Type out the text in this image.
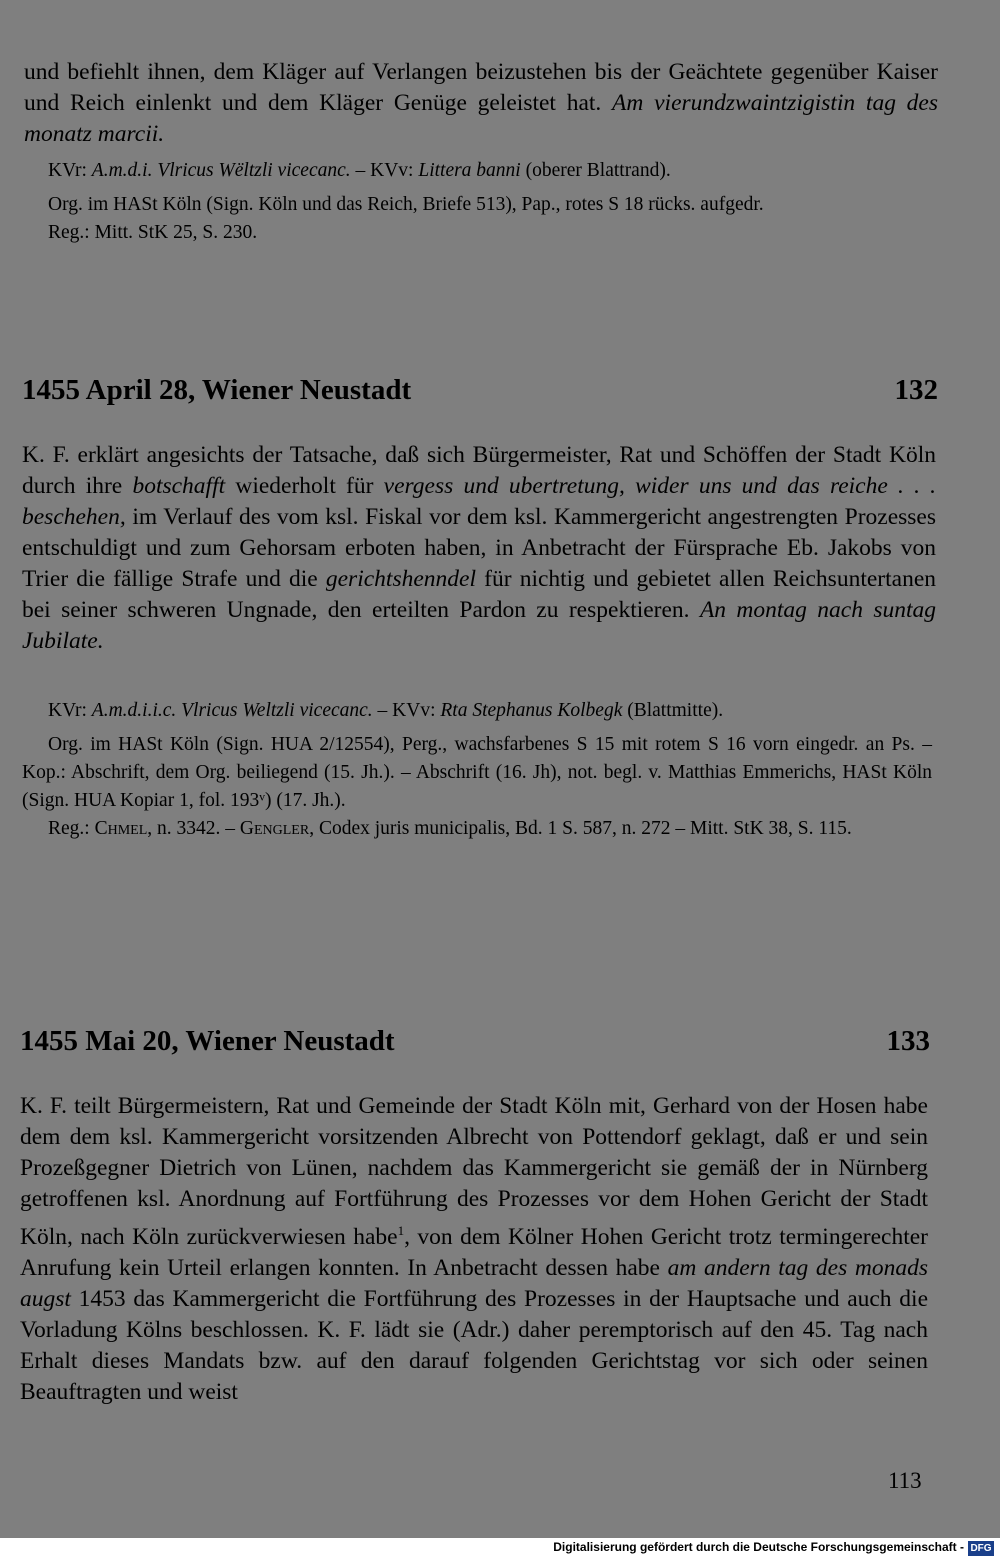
und befiehlt ihnen, dem Kläger auf Verlangen beizustehen bis der Geächtete gegenüber Kaiser und Reich einlenkt und dem Kläger Genüge geleistet hat. Am vierundzwaintzigistin tag des monatz marcii.

KVr: A.m.d.i. Vlricus Wëltzli vicecanc. – KVv: Littera banni (oberer Blattrand).

Org. im HASt Köln (Sign. Köln und das Reich, Briefe 513), Pap., rotes S 18 rücks. aufgedr.

Reg.: Mitt. StK 25, S. 230.

1455 April 28, Wiener Neustadt	132

K. F. erklärt angesichts der Tatsache, daß sich Bürgermeister, Rat und Schöffen der Stadt Köln durch ihre botschafft wiederholt für vergess und ubertretung, wider uns und das reiche . . . beschehen, im Verlauf des vom ksl. Fiskal vor dem ksl. Kammergericht angestrengten Prozesses entschuldigt und zum Gehorsam erboten haben, in Anbetracht der Fürsprache Eb. Jakobs von Trier die fällige Strafe und die gerichtshenndel für nichtig und gebietet allen Reichsuntertanen bei seiner schweren Ungnade, den erteilten Pardon zu respektieren. An montag nach suntag Jubilate.

KVr: A.m.d.i.i.c. Vlricus Weltzli vicecanc. – KVv: Rta Stephanus Kolbegk (Blattmitte).

Org. im HASt Köln (Sign. HUA 2/12554), Perg., wachsfarbenes S 15 mit rotem S 16 vorn eingedr. an Ps. – Kop.: Abschrift, dem Org. beiliegend (15. Jh.). – Abschrift (16. Jh), not. begl. v. Matthias Emmerichs, HASt Köln (Sign. HUA Kopiar 1, fol. 193ᵛ) (17. Jh.).

Reg.: Chmel, n. 3342. – Gengler, Codex juris municipalis, Bd. 1 S. 587, n. 272 – Mitt. StK 38, S. 115.

1455 Mai 20, Wiener Neustadt	133

K. F. teilt Bürgermeistern, Rat und Gemeinde der Stadt Köln mit, Gerhard von der Hosen habe dem dem ksl. Kammergericht vorsitzenden Albrecht von Pottendorf geklagt, daß er und sein Prozeßgegner Dietrich von Lünen, nachdem das Kammergericht sie gemäß der in Nürnberg getroffenen ksl. Anordnung auf Fortführung des Prozesses vor dem Hohen Gericht der Stadt Köln, nach Köln zurückverwiesen habe$^1$, von dem Kölner Hohen Gericht trotz termingerechter Anrufung kein Urteil erlangen konnten. In Anbetracht dessen habe am andern tag des monads augst 1453 das Kammergericht die Fortführung des Prozesses in der Hauptsache und auch die Vorladung Kölns beschlossen. K. F. lädt sie (Adr.) daher peremptorisch auf den 45. Tag nach Erhalt dieses Mandats bzw. auf den darauf folgenden Gerichtstag vor sich oder seinen Beauftragten und weist

113
Digitalisierung gefördert durch die Deutsche Forschungsgemeinschaft - DFG
